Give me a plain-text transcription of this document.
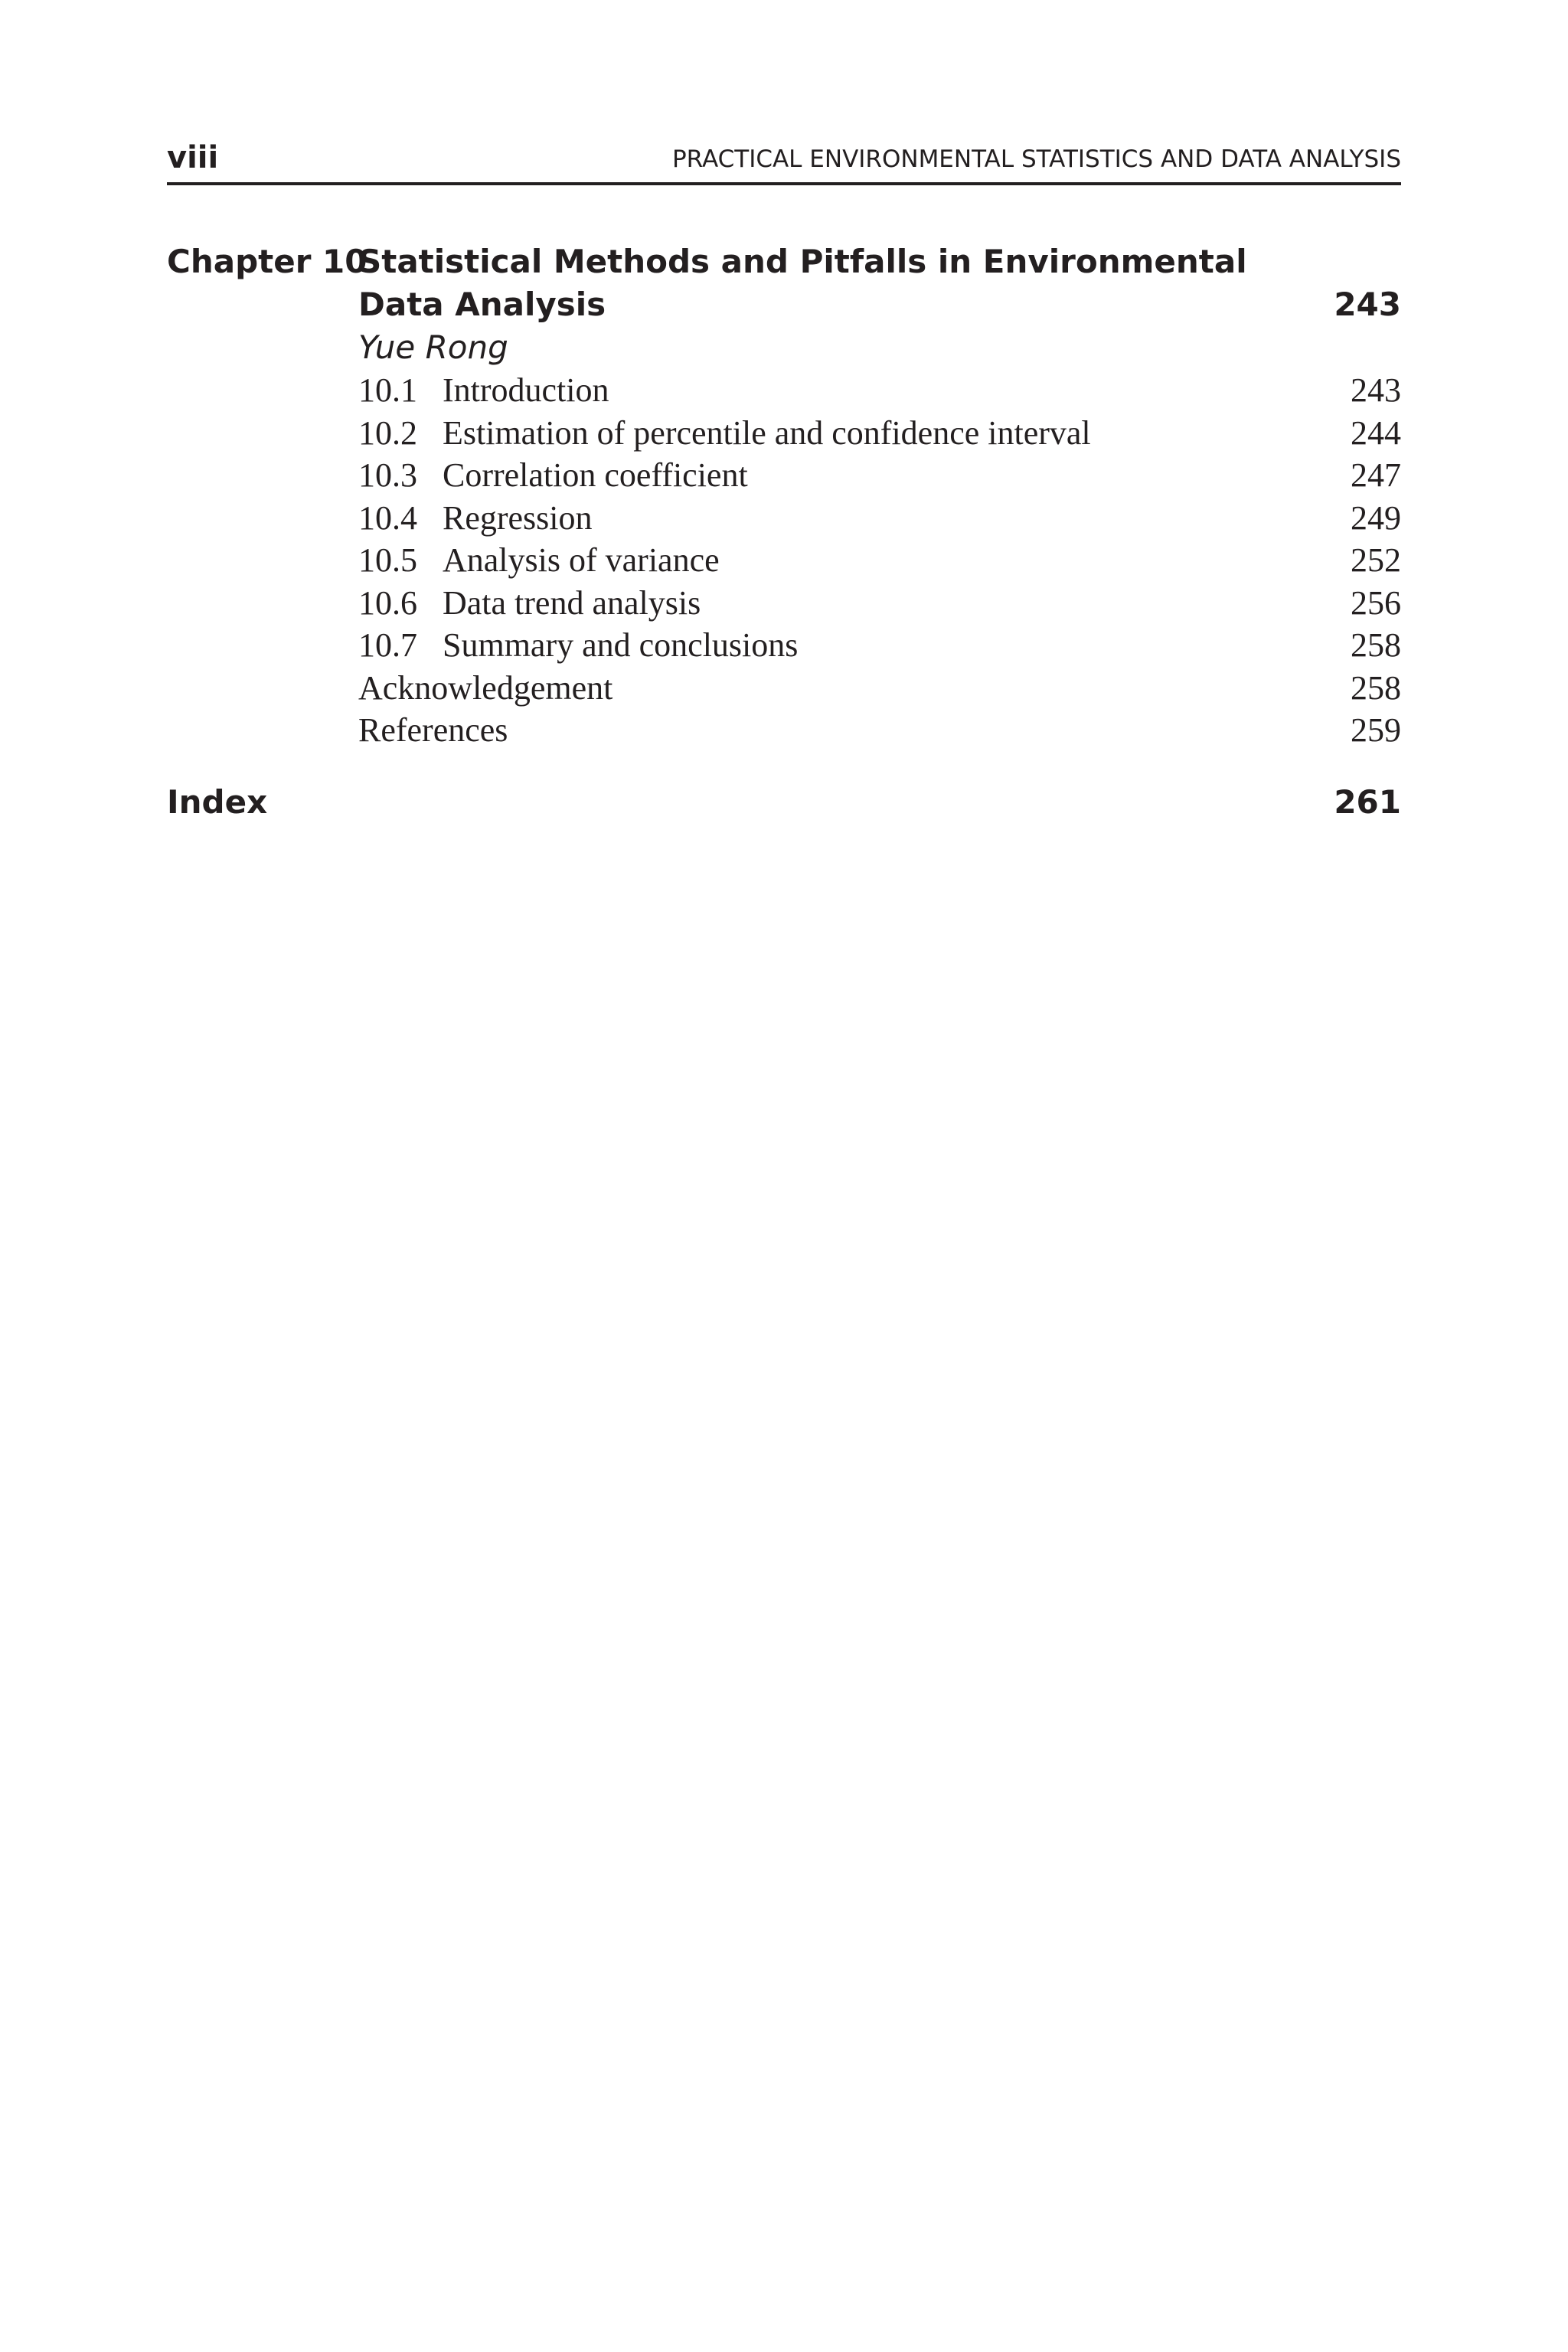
viii	PRACTICAL ENVIRONMENTAL STATISTICS AND DATA ANALYSIS
Chapter 10
Statistical Methods and Pitfalls in Environmental Data Analysis	243
Yue Rong
10.1 Introduction	243
10.2 Estimation of percentile and confidence interval	244
10.3 Correlation coefficient	247
10.4 Regression	249
10.5 Analysis of variance	252
10.6 Data trend analysis	256
10.7 Summary and conclusions	258
Acknowledgement	258
References	259
Index	261
